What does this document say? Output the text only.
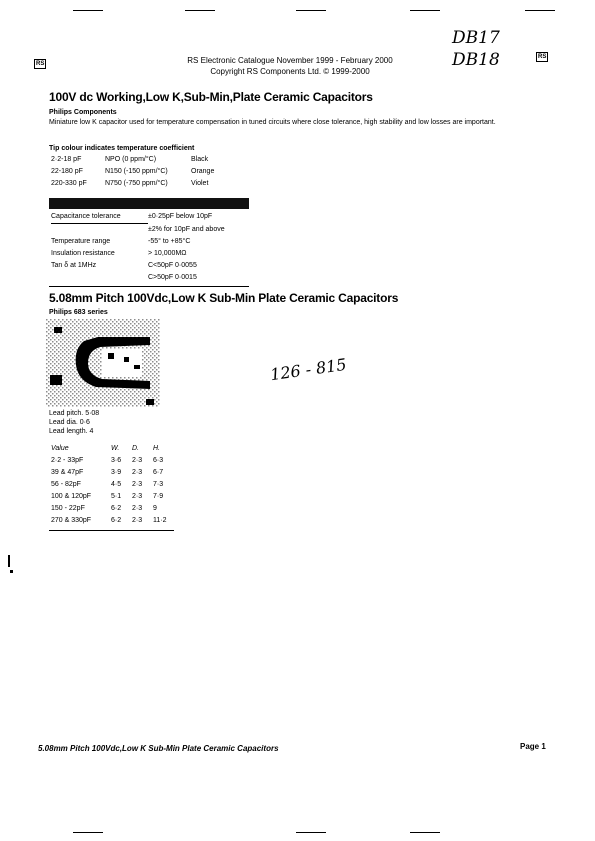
RS
RS
RS Electronic Catalogue November 1999 - February 2000
Copyright RS Components Ltd. © 1999-2000
DB17
DB18
100V dc Working,Low K,Sub-Min,Plate Ceramic Capacitors
Philips Components
Miniature low K capacitor used for temperature compensation in tuned circuits where close tolerance, high stability and low losses are important.
Tip colour indicates temperature coefficient
2·2-18 pF	NPO (0 ppm/°C)	Black
22-180 pF	N150 (-150 ppm/°C)	Orange
220-330 pF	N750 (-750 ppm/°C)	Violet
Capacitance tolerance	±0·25pF below 10pF
	±2% for 10pF and above
Temperature range	-55° to +85°C
Insulation resistance	> 10,000MΩ
Tan δ at 1MHz	C<50pF 0·0055
	C>50pF 0·0015
5.08mm Pitch 100Vdc,Low K Sub-Min Plate Ceramic Capacitors
Philips 683 series
126 - 815
Lead pitch. 5·08
Lead dia. 0·6
Lead length. 4
Value	W.	D.	H.
2·2 - 33pF	3·6	2·3	6·3
39 & 47pF	3·9	2·3	6·7
56 - 82pF	4·5	2·3	7·3
100 & 120pF	5·1	2·3	7·9
150 - 22pF	6·2	2·3	9
270 & 330pF	6·2	2·3	11·2
5.08mm Pitch 100Vdc,Low K Sub-Min Plate Ceramic Capacitors	Page 1
